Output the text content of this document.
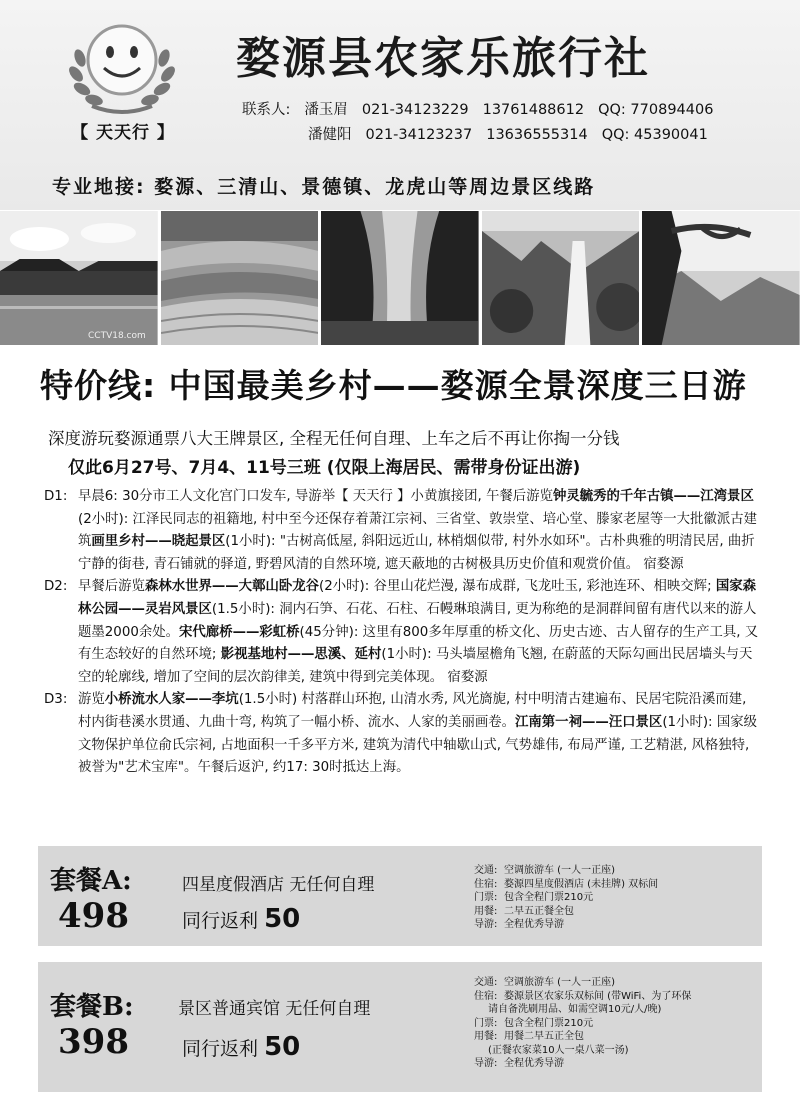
【 天天行 】
婺源县农家乐旅行社
联系人: 潘玉眉 021-34123229 13761488612 QQ: 770894406
潘健阳 021-34123237 13636555314 QQ: 45390041
专业地接: 婺源、三清山、景德镇、龙虎山等周边景区线路
CCTV18.com
特价线: 中国最美乡村——婺源全景深度三日游
深度游玩婺源通票八大王牌景区, 全程无任何自理、上车之后不再让你掏一分钱
仅此6月27号、7月4、11号三班 (仅限上海居民、需带身份证出游)
D1: 早晨6: 30分市工人文化宫门口发车, 导游举【 天天行 】小黄旗接团, 午餐后游览钟灵毓秀的千年古镇——江湾景区(2小时): 江泽民同志的祖籍地, 村中至今还保存着萧江宗祠、三省堂、敦崇堂、培心堂、滕家老屋等一大批徽派古建筑画里乡村——晓起景区(1小时): "古树高低屋, 斜阳远近山, 林梢烟似带, 村外水如环"。古朴典雅的明清民居, 曲折宁静的街巷, 青石铺就的驿道, 野碧风清的自然环境, 遮天蔽地的古树极具历史价值和观赏价值。 宿婺源
D2: 早餐后游览森林水世界——大鄣山卧龙谷(2小时): 谷里山花烂漫, 瀑布成群, 飞龙吐玉, 彩池连环、相映交辉; 国家森林公园——灵岩风景区(1.5小时): 洞内石笋、石花、石柱、石幔琳琅满目, 更为称绝的是洞群间留有唐代以来的游人题墨2000余处。宋代廊桥——彩虹桥(45分钟): 这里有800多年厚重的桥文化、历史古迹、古人留存的生产工具, 又有生态较好的自然环境; 影视基地村——思溪、延村(1小时): 马头墙屋檐角飞翘, 在蔚蓝的天际勾画出民居墙头与天空的轮廓线, 增加了空间的层次韵律美, 建筑中得到完美体现。 宿婺源
D3: 游览小桥流水人家——李坑(1.5小时) 村落群山环抱, 山清水秀, 风光旖旎, 村中明清古建遍布、民居宅院沿溪而建, 村内街巷溪水贯通、九曲十弯, 构筑了一幅小桥、流水、人家的美丽画卷。江南第一祠——汪口景区(1小时): 国家级文物保护单位俞氏宗祠, 占地面积一千多平方米, 建筑为清代中轴歇山式, 气势雄伟, 布局严谨, 工艺精湛, 风格独特, 被誉为"艺术宝库"。午餐后返沪, 约17: 30时抵达上海。
套餐A:
498
四星度假酒店 无任何自理
同行返利 50
交通: 空调旅游车 (一人一正座)
住宿: 婺源四星度假酒店 (未挂牌) 双标间
门票: 包含全程门票210元
用餐: 二早五正餐全包
导游: 全程优秀导游
套餐B:
398
景区普通宾馆 无任何自理
同行返利 50
交通: 空调旅游车 (一人一正座)
住宿: 婺源景区农家乐双标间 (带WiFi、为了环保
请自备洗刷用品、如需空调10元/人/晚)
门票: 包含全程门票210元
用餐: 用餐二早五正全包
(正餐农家菜10人一桌八菜一汤)
导游: 全程优秀导游
